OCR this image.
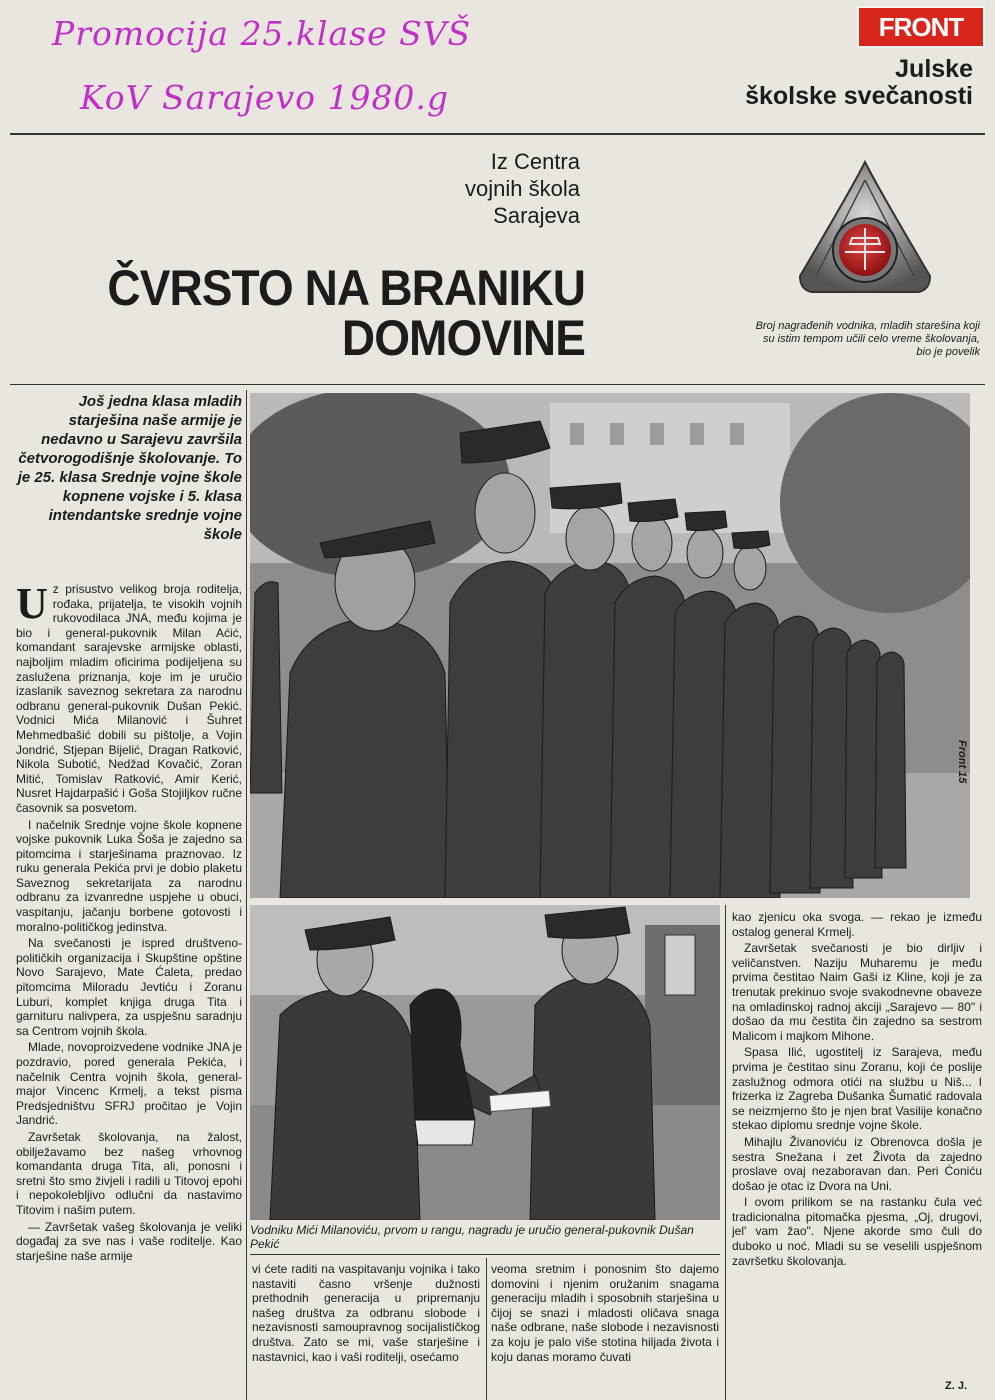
Promocija 25.klase SVŠ
KoV Sarajevo 1980.g
FRONT
Julske
školske svečanosti
Iz Centra
vojnih škola
Sarajeva
ČVRSTO NA BRANIKU
DOMOVINE	Broj nagrađenih vodnika, mladih starešina koji su istim tempom učili celo vreme školovanja, bio je povelik
Još jedna klasa mladih starješina naše armije je nedavno u Sarajevu završila četvorogodišnje školovanje. To je 25. klasa Srednje vojne škole kopnene vojske i 5. klasa intendantske srednje vojne škole

Uz prisustvo velikog broja roditelja, rođaka, prijatelja, te visokih vojnih rukovodilaca JNA, među kojima je bio i general-pukovnik Milan Aćić, komandant sarajevske armijske oblasti, najboljim mladim oficirima podijeljena su zaslužena priznanja, koje im je uručio izaslanik saveznog sekretara za narodnu odbranu general-pukovnik Dušan Pekić. Vodnici Mića Milanović i Šuhret Mehmedbašić dobili su pištolje, a Vojin Jondrić, Stjepan Bijelić, Dragan Ratković, Nikola Subotić, Nedžad Kovačić, Zoran Mitić, Tomislav Ratković, Amir Kerić, Nusret Hajdarpašić i Goša Stojiljkov ručne časovnik sa posvetom.

I načelnik Srednje vojne škole kopnene vojske pukovnik Luka Šoša je zajedno sa pitomcima i starješinama praznovao. Iz ruku generala Pekića prvi je dobio plaketu Saveznog sekretarijata za narodnu odbranu za izvanredne uspjehe u obuci, vaspitanju, jačanju borbene gotovosti i moralno-političkog jedinstva.

Na svečanosti je ispred društveno-političkih organizacija i Skupštine opštine Novo Sarajevo, Mate Ćaleta, predao pitomcima Miloradu Jevtiću i Zoranu Luburi, komplet knjiga druga Tita i garnituru nalivpera, za uspješnu saradnju sa Centrom vojnih škola.

Mlade, novoproizvedene vodnike JNA je pozdravio, pored generala Pekića, i načelnik Centra vojnih škola, general-major Vincenc Krmelj, a tekst pisma Predsjedništvu SFRJ pročitao je Vojin Jandrić.

Završetak školovanja, na žalost, obilježavamo bez našeg vrhovnog komandanta druga Tita, ali, ponosni i sretni što smo živjeli i radili u Titovoj epohi i nepokolebljivo odlučni da nastavimo Titovim i našim putem.

— Završetak vašeg školovanja je veliki događaj za sve nas i vaše roditelje. Kao starješine naše armije

Vodniku Mići Milanoviću, prvom u rangu, nagradu je uručio general-pukovnik Dušan Pekić
vi ćete raditi na vaspitavanju vojnika i tako nastaviti časno vršenje dužnosti prethodnih generacija u pripremanju našeg društva za odbranu slobode i nezavisnosti samoupravnog socijalističkog društva. Zato se mi, vaše starješine i nastavnici, kao i vaši roditelji, osećamo
veoma sretnim i ponosnim što dajemo domovini i njenim oružanim snagama generaciju mladih i sposobnih starješina u čijoj se snazi i mladosti oličava snaga naše odbrane, naše slobode i nezavisnosti za koju je palo više stotina hiljada života i koju danas moramo čuvati

kao zjenicu oka svoga. — rekao je između ostalog general Krmelj.

Završetak svečanosti je bio dirljiv i veličanstven. Naziju Muharemu je među prvima čestitao Naim Gaši iz Kline, koji je za trenutak prekinuo svoje svakodnevne obaveze na omladinskoj radnoj akciji „Sarajevo — 80" i došao da mu čestita čin zajedno sa sestrom Malicom i majkom Mihone.

Spasa Ilić, ugostitelj iz Sarajeva, među prvima je čestitao sinu Zoranu, koji će poslije zaslužnog odmora otići na službu u Niš... I frizerka iz Zagreba Dušanka Šumatić radovala se neizmjerno što je njen brat Vasilije konačno stekao diplomu srednje vojne škole.

Mihajlu Živanoviću iz Obrenovca došla je sestra Snežana i zet Života da zajedno proslave ovaj nezaboravan dan. Peri Ćoniću došao je otac iz Dvora na Uni.

I ovom prilikom se na rastanku čula već tradicionalna pitomačka pjesma, „Oj, drugovi, jel' vam žao". Njene akorde smo čuli do duboko u noć. Mladi su se veselili uspješnom završetku školovanja.

Z. J.
Front 15
